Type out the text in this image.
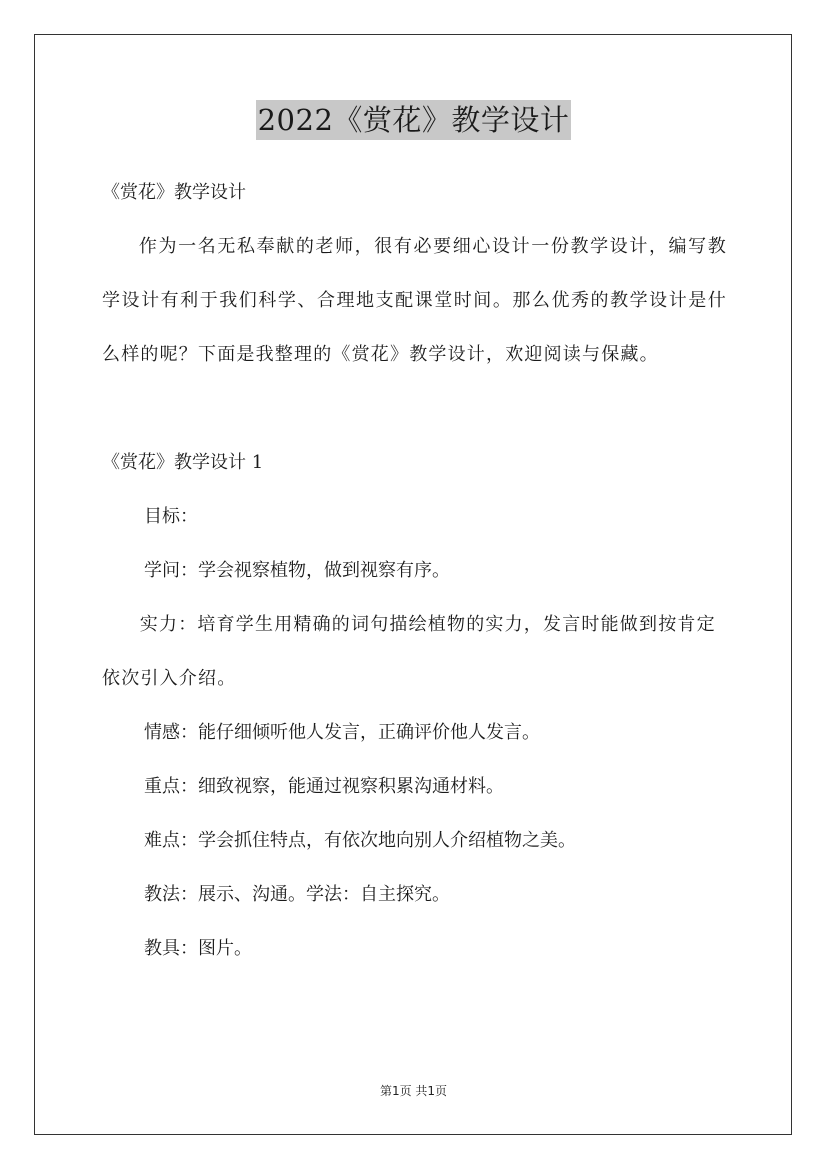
2022《赏花》教学设计
《赏花》教学设计

作为一名无私奉献的老师，很有必要细心设计一份教学设计，编写教学设计有利于我们科学、合理地支配课堂时间。那么优秀的教学设计是什么样的呢？下面是我整理的《赏花》教学设计，欢迎阅读与保藏。

《赏花》教学设计 1
目标：
学问：学会视察植物，做到视察有序。

实力：培育学生用精确的词句描绘植物的实力，发言时能做到按肯定依次引入介绍。

情感：能仔细倾听他人发言，正确评价他人发言。
重点：细致视察，能通过视察积累沟通材料。
难点：学会抓住特点，有依次地向别人介绍植物之美。
教法：展示、沟通。学法：自主探究。
教具：图片。
第1页 共1页
